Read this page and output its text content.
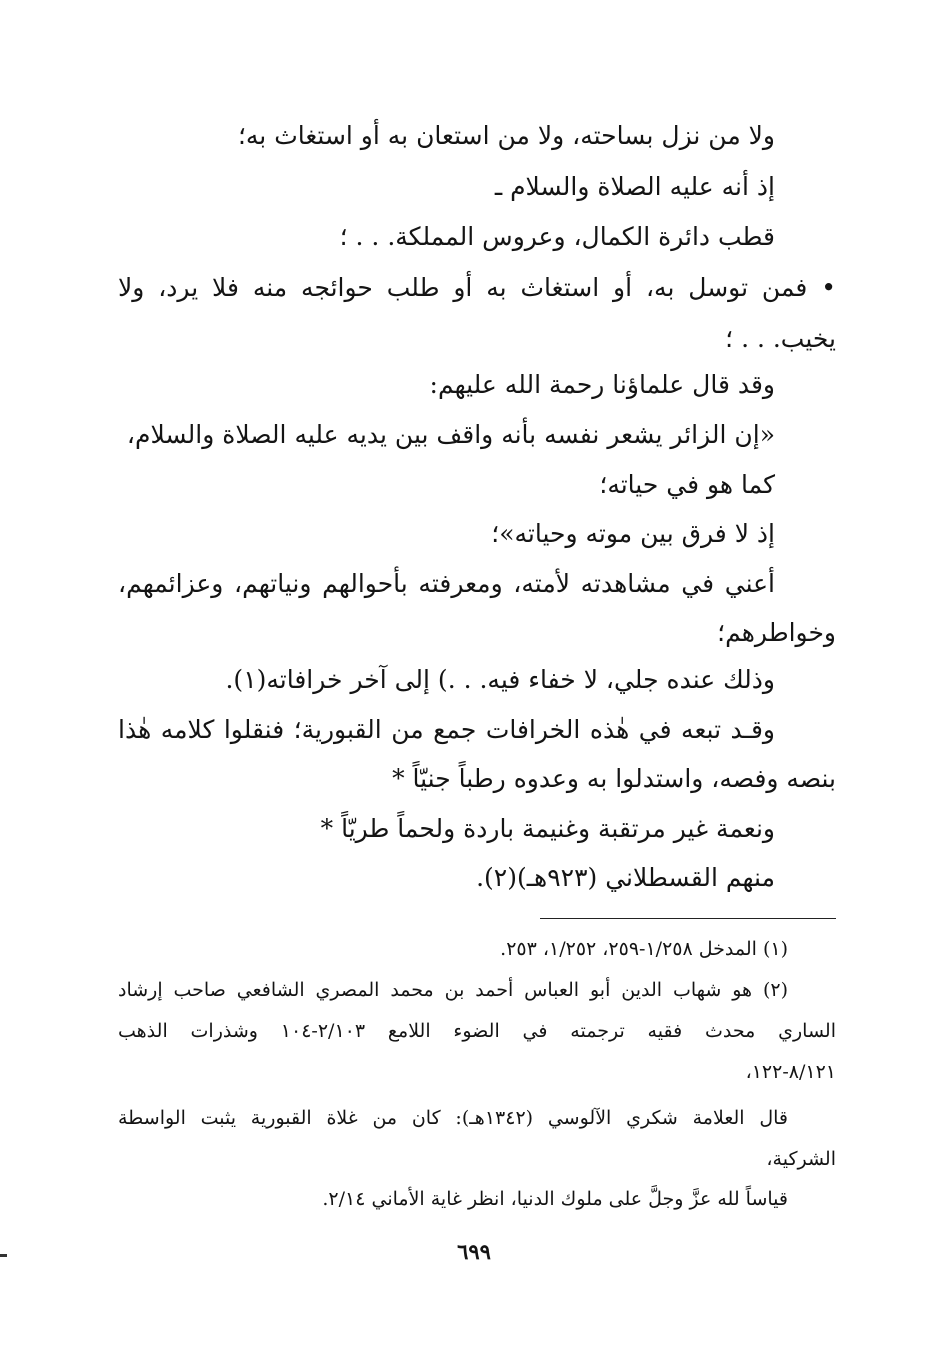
ولا من نزل بساحته، ولا من استعان به أو استغاث به؛
إذ أنه عليه الصلاة والسلام ـ
قطب دائرة الكمال، وعروس المملكة. . . ؛
• فمن توسل به، أو استغاث به أو طلب حوائجه منه فلا يرد، ولا
يخيب. . . ؛
وقد قال علماؤنا رحمة الله عليهم:
«إن الزائر يشعر نفسه بأنه واقف بين يديه عليه الصلاة والسلام،
كما هو في حياته؛
إذ لا فرق بين موته وحياته»؛
أعني في مشاهدته لأمته، ومعرفته بأحوالهم ونياتهم، وعزائمهم،
وخواطرهم؛
وذلك عنده جلي، لا خفاء فيه. . .) إلى آخر خرافاته(١).
وقـد تبعه في هٰذه الخرافات جمع من القبورية؛ فنقلوا كلامه هٰذا
بنصه وفصه، واستدلوا به وعدوه رطباً جنيّاً *
ونعمة غير مرتقبة وغنيمة باردة ولحماً طريّاً *
منهم القسطلاني (٩٢٣هـ)(٢).
(١) المدخل ١/٢٥٨-٢٥٩، ١/٢٥٢، ٢٥٣.
(٢) هو شهاب الدين أبو العباس أحمد بن محمد المصري الشافعي صاحب إرشاد
الساري محدث فقيه ترجمته في الضوء اللامع ٢/١٠٣-١٠٤ وشذرات الذهب
٨/١٢١-١٢٢،
قال العلامة شكري الآلوسي (١٣٤٢هـ): كان من غلاة القبورية يثبت الواسطة
الشركية،
قياساً لله عزَّ وجلَّ على ملوك الدنيا، انظر غاية الأماني ٢/١٤.
٦٩٩
